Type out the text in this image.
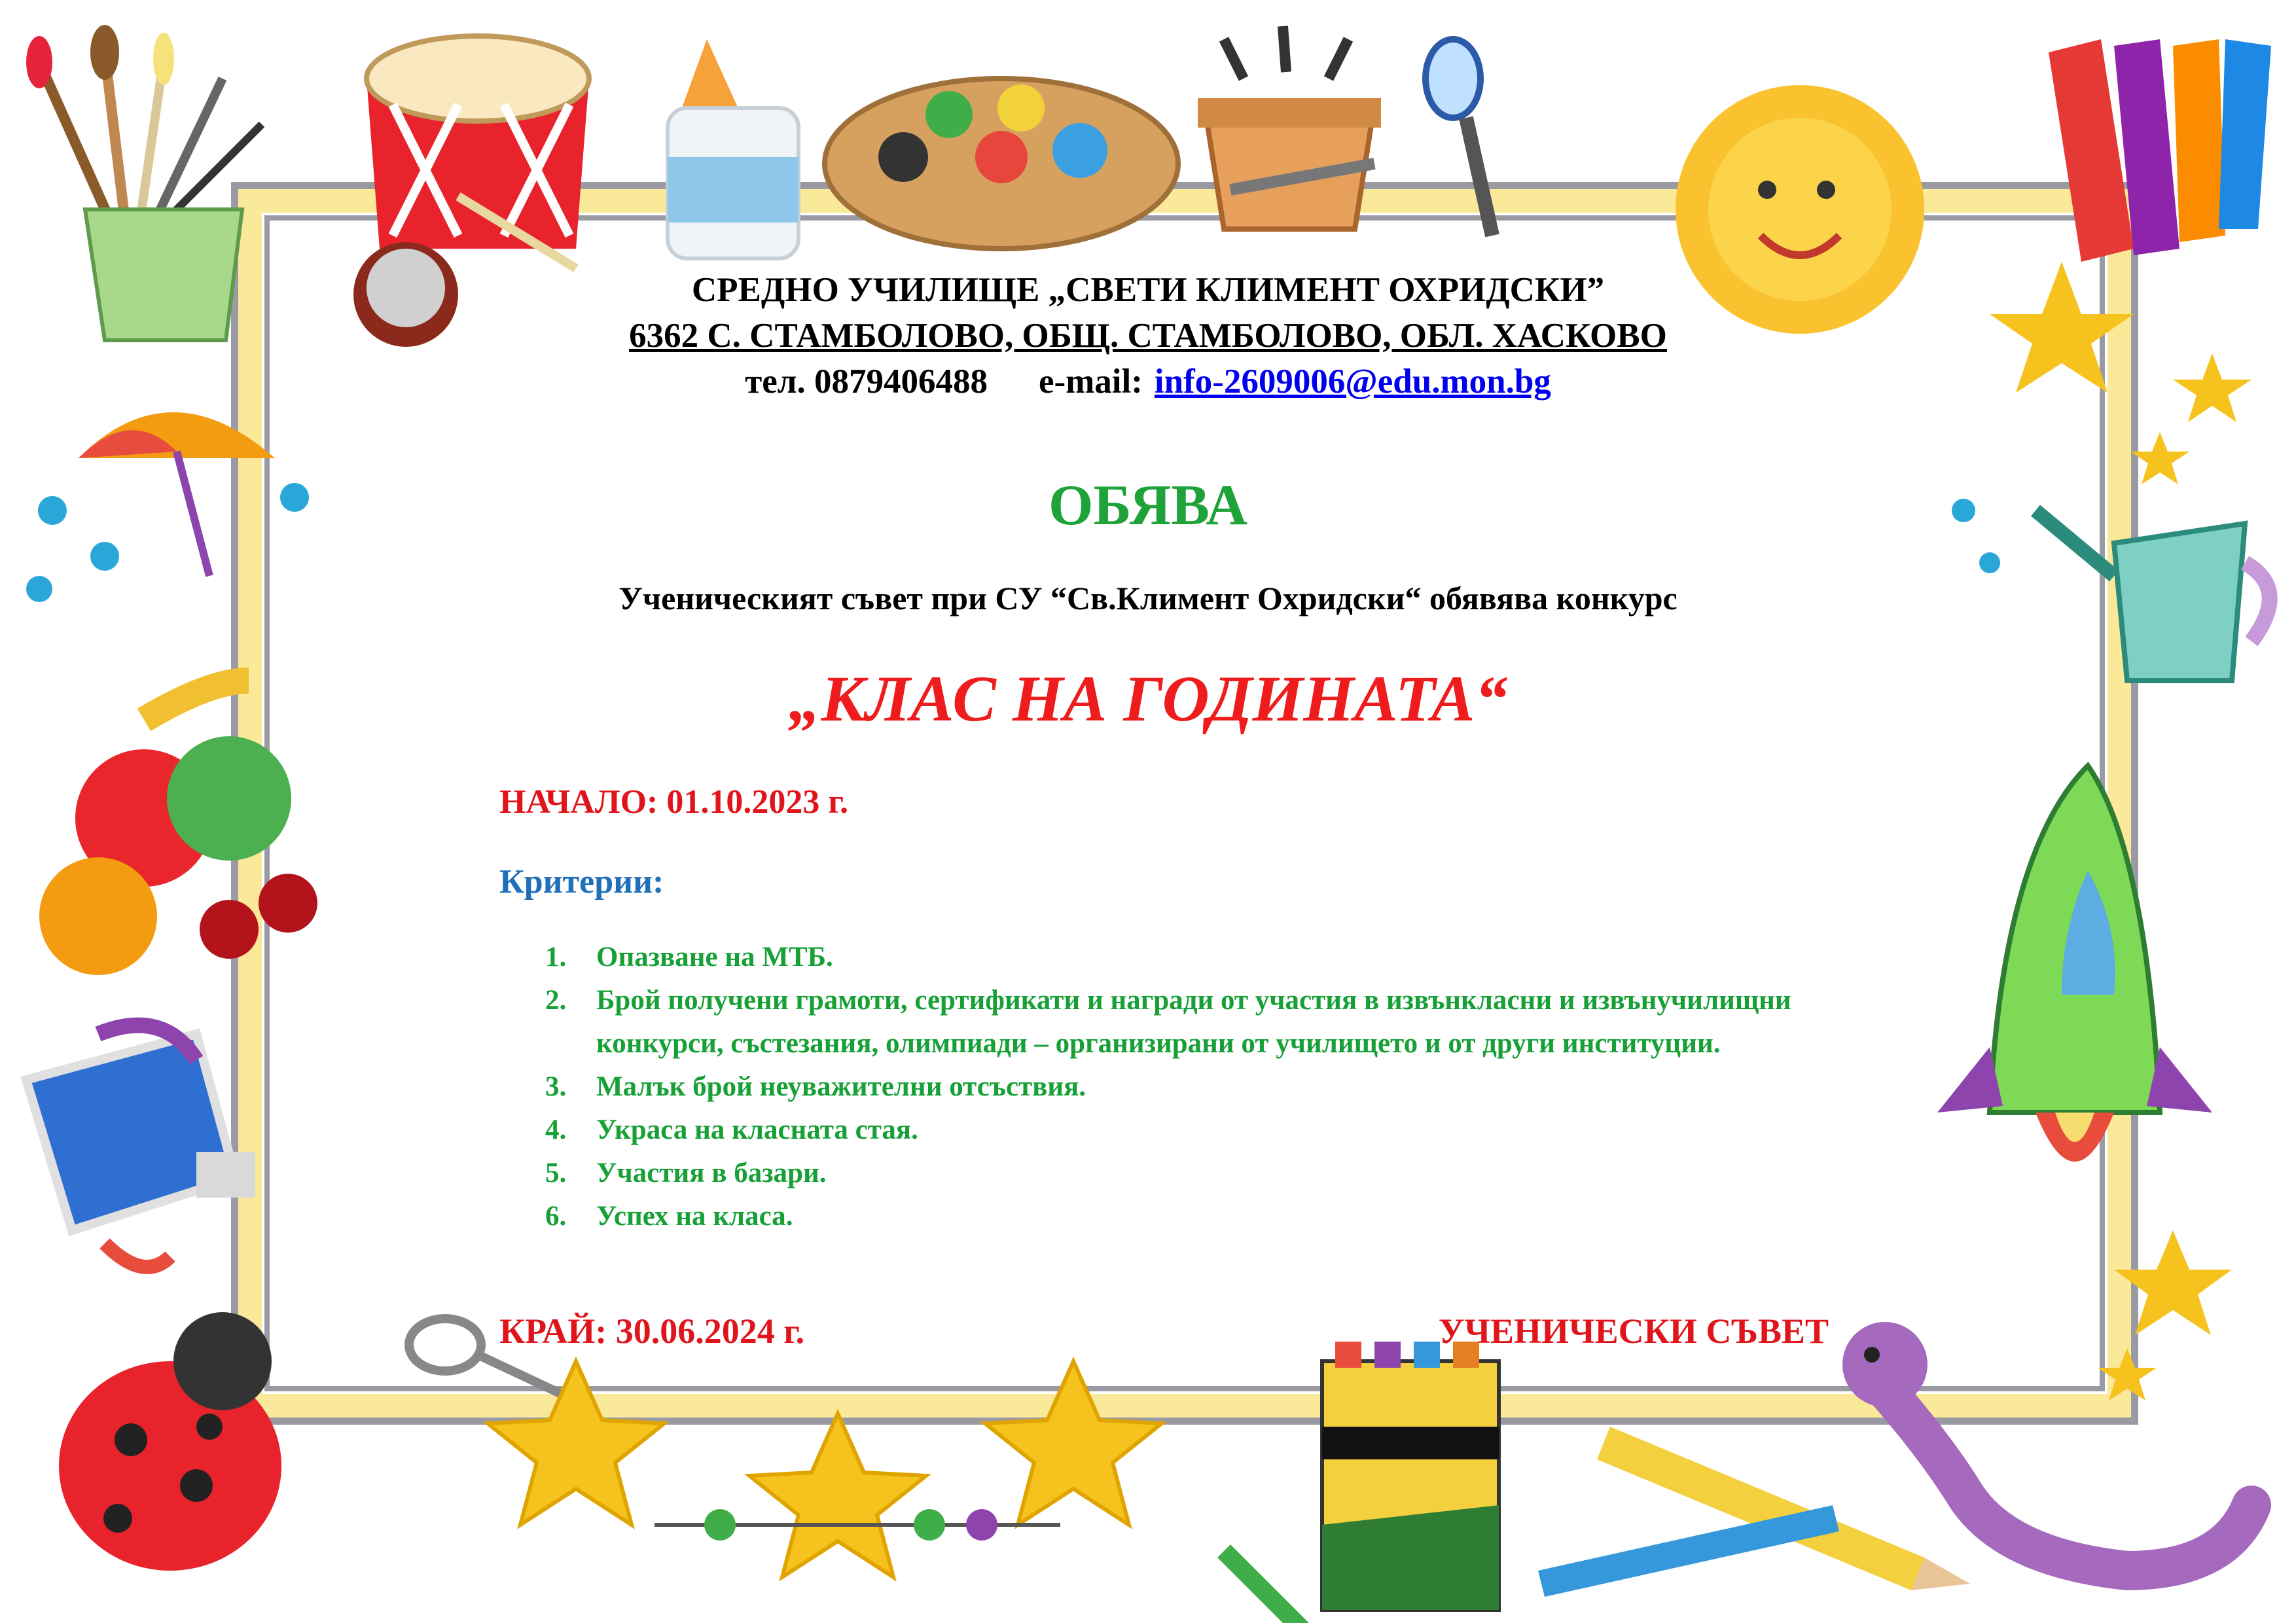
СРЕДНО УЧИЛИЩЕ „СВЕТИ КЛИМЕНТ ОХРИДСКИ”
6362 С. СТАМБОЛОВО, ОБЩ. СТАМБОЛОВО, ОБЛ. ХАСКОВО
тел. 0879406488 e-mail: info-2609006@edu.mon.bg
ОБЯВА
Ученическият съвет при СУ “Св.Климент Охридски“ обявява конкурс
„КЛАС НА ГОДИНАТА“
НАЧАЛО: 01.10.2023 г.
Критерии:
1. Опазване на МТБ.
2. Брой получени грамоти, сертификати и награди от участия в извънкласни и извънучилищни конкурси, състезания, олимпиади – организирани от училището и от други институции.
3. Малък брой неуважителни отсъствия.
4. Украса на класната стая.
5. Участия в базари.
6. Успех на класа.
КРАЙ: 30.06.2024 г.	УЧЕНИЧЕСКИ СЪВЕТ
